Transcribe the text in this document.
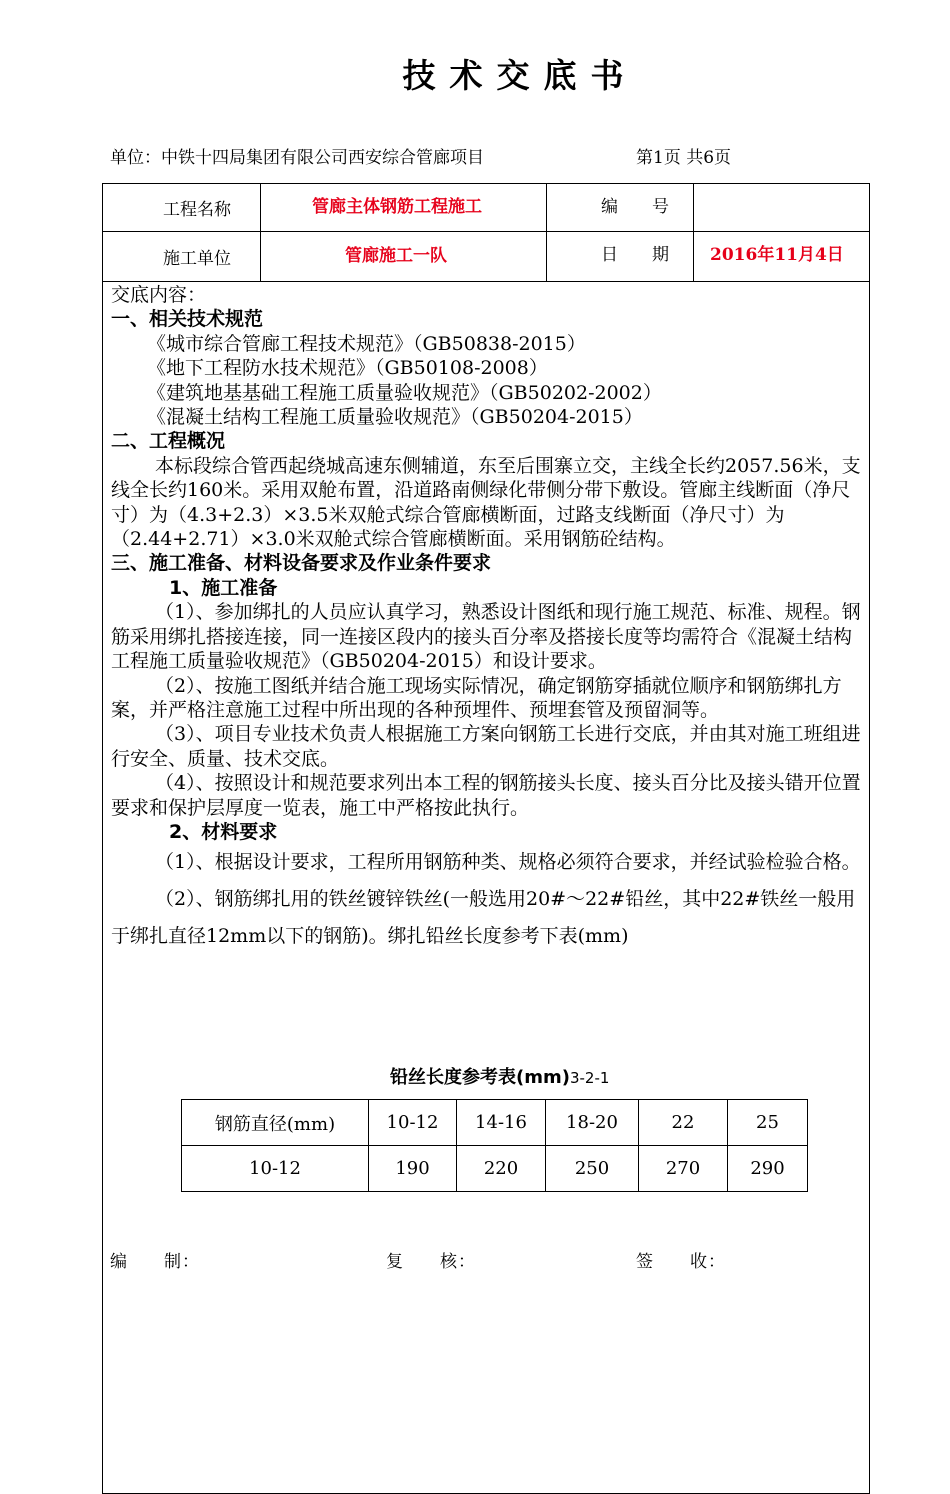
技术交底书
单位：中铁十四局集团有限公司西安综合管廊项目	第1页 共6页
工程名称	管廊主体钢筋工程施工	编　　号
施工单位	管廊施工一队	日　　期 2016年11月4日

交底内容：

一、相关技术规范

《城市综合管廊工程技术规范》（GB50838-2015）

《地下工程防水技术规范》（GB50108-2008）

《建筑地基基础工程施工质量验收规范》（GB50202-2002）

《混凝土结构工程施工质量验收规范》（GB50204-2015）

二、工程概况

本标段综合管西起绕城高速东侧辅道，东至后围寨立交，主线全长约2057.56米，支线全长约160米。采用双舱布置，沿道路南侧绿化带侧分带下敷设。管廊主线断面（净尺寸）为（4.3+2.3）×3.5米双舱式综合管廊横断面，过路支线断面（净尺寸）为（2.44+2.71）×3.0米双舱式综合管廊横断面。采用钢筋砼结构。

三、施工准备、材料设备要求及作业条件要求

1、施工准备

（1）、参加绑扎的人员应认真学习，熟悉设计图纸和现行施工规范、标准、规程。钢筋采用绑扎搭接连接，同一连接区段内的接头百分率及搭接长度等均需符合《混凝土结构工程施工质量验收规范》（GB50204-2015）和设计要求。

（2）、按施工图纸并结合施工现场实际情况，确定钢筋穿插就位顺序和钢筋绑扎方案，并严格注意施工过程中所出现的各种预埋件、预埋套管及预留洞等。

（3）、项目专业技术负责人根据施工方案向钢筋工长进行交底，并由其对施工班组进行安全、质量、技术交底。

（4）、按照设计和规范要求列出本工程的钢筋接头长度、接头百分比及接头错开位置要求和保护层厚度一览表，施工中严格按此执行。

2、材料要求

（1）、根据设计要求，工程所用钢筋种类、规格必须符合要求，并经试验检验合格。

（2）、钢筋绑扎用的铁丝镀锌铁丝(一般选用20#～22#铅丝，其中22#铁丝一般用于绑扎直径12mm以下的钢筋)。绑扎铅丝长度参考下表(mm)

铅丝长度参考表(mm)3-2-1
钢筋直径(mm)	10-12	14-16	18-20	22	25
10-12	190	220	250	270	290
编　　制：	复　　核：	签　　收：
